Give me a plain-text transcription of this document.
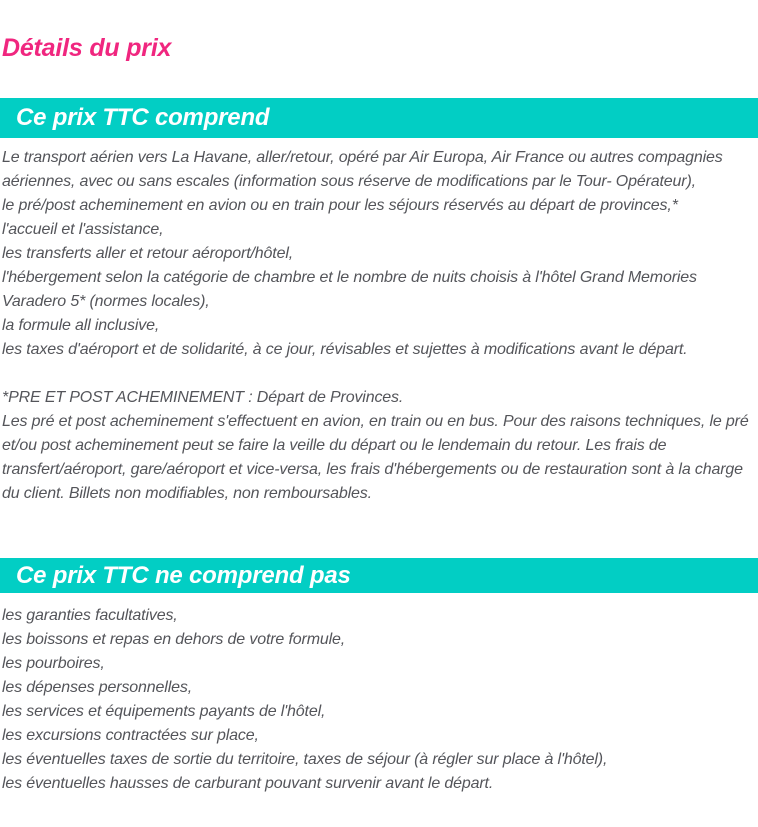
Détails du prix
Ce prix TTC comprend

Le transport aérien vers La Havane, aller/retour, opéré par Air Europa, Air France ou autres compagnies aériennes, avec ou sans escales (information sous réserve de modifications par le Tour- Opérateur),

le pré/post acheminement en avion ou en train pour les séjours réservés au départ de provinces,*

l'accueil et l'assistance,

les transferts aller et retour aéroport/hôtel,

l'hébergement selon la catégorie de chambre et le nombre de nuits choisis à l'hôtel Grand Memories Varadero 5* (normes locales),

la formule all inclusive,

les taxes d'aéroport et de solidarité, à ce jour, révisables et sujettes à modifications avant le départ.

*PRE ET POST ACHEMINEMENT : Départ de Provinces.

Les pré et post acheminement s'effectuent en avion, en train ou en bus. Pour des raisons techniques, le pré et/ou post acheminement peut se faire la veille du départ ou le lendemain du retour. Les frais de transfert/aéroport, gare/aéroport et vice-versa, les frais d'hébergements ou de restauration sont à la charge du client. Billets non modifiables, non remboursables.

Ce prix TTC ne comprend pas

les garanties facultatives,

les boissons et repas en dehors de votre formule,

les pourboires,

les dépenses personnelles,

les services et équipements payants de l'hôtel,

les excursions contractées sur place,

les éventuelles taxes de sortie du territoire, taxes de séjour (à régler sur place à l'hôtel),

les éventuelles hausses de carburant pouvant survenir avant le départ.
